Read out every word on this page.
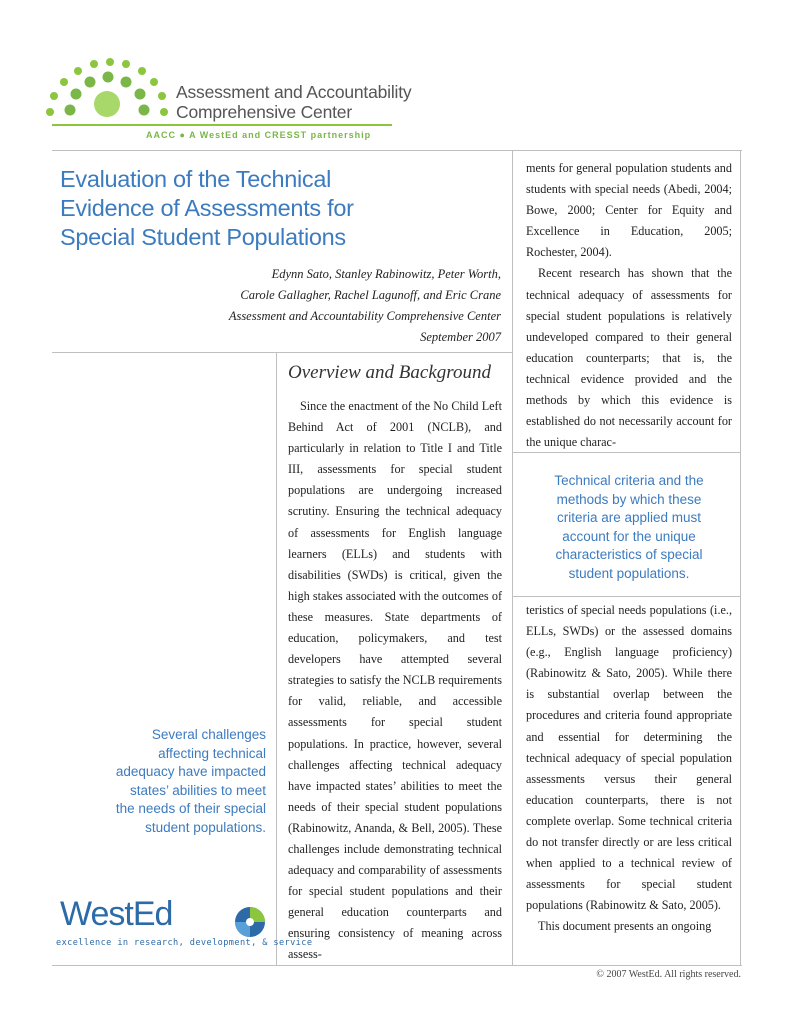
Assessment and Accountability
Comprehensive Center
AACC ● A WestEd and CRESST partnership
Evaluation of the Technical
Evidence of Assessments for
Special Student Populations
Edynn Sato, Stanley Rabinowitz, Peter Worth,
Carole Gallagher, Rachel Lagunoff, and Eric Crane
Assessment and Accountability Comprehensive Center
September 2007
Overview and Background

Since the enactment of the No Child Left Behind Act of 2001 (NCLB), and particularly in relation to Title I and Title III, assessments for special student populations are undergoing increased scrutiny. Ensuring the technical adequacy of assessments for English language learners (ELLs) and students with disabilities (SWDs) is critical, given the high stakes associated with the outcomes of these measures. State departments of education, policymakers, and test developers have attempted several strategies to satisfy the NCLB requirements for valid, reliable, and accessible assessments for special student populations. In practice, however, several challenges affecting technical adequacy have impacted states’ abilities to meet the needs of their special student populations (Rabinowitz, Ananda, & Bell, 2005). These challenges include demonstrating technical adequacy and comparability of assessments for special student populations and their general education counterparts and ensuring consistency of meaning across assess-

ments for general population students and students with special needs (Abedi, 2004; Bowe, 2000; Center for Equity and Excellence in Education, 2005; Rochester, 2004).

Recent research has shown that the technical adequacy of assessments for special student populations is relatively undeveloped compared to their general education counterparts; that is, the technical evidence provided and the methods by which this evidence is established do not necessarily account for the unique charac-

Technical criteria and the
methods by which these
criteria are applied must
account for the unique
characteristics of special
student populations.

teristics of special needs populations (i.e., ELLs, SWDs) or the assessed domains (e.g., English language proficiency) (Rabinowitz & Sato, 2005). While there is substantial overlap between the procedures and criteria found appropriate and essential for determining the technical adequacy of special population assessments versus their general education counterparts, there is not complete overlap. Some technical criteria do not transfer directly or are less critical when applied to a technical review of assessments for special student populations (Rabinowitz & Sato, 2005).

This document presents an ongoing

Several challenges
affecting technical
adequacy have impacted
states’ abilities to meet
the needs of their special
student populations.
WestEd
excellence in research, development, & service
© 2007 WestEd. All rights reserved.
